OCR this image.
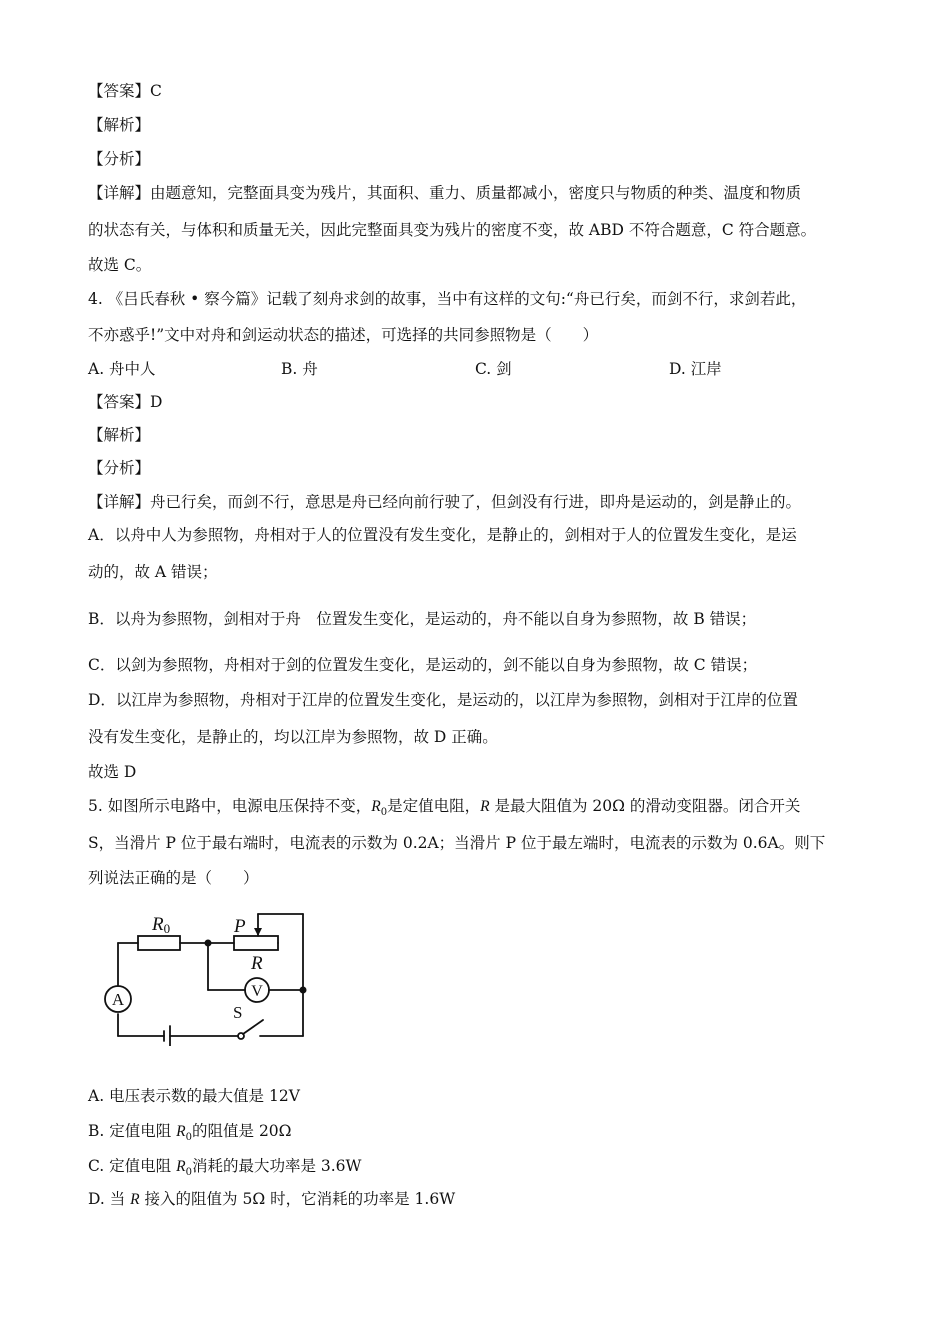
【答案】C
【解析】
【分析】
【详解】由题意知，完整面具变为残片，其面积、重力、质量都减小，密度只与物质的种类、温度和物质
的状态有关，与体积和质量无关，因此完整面具变为残片的密度不变，故 ABD 不符合题意，C 符合题意。
故选 C。
4. 《吕氏春秋 • 察今篇》记载了刻舟求剑的故事，当中有这样的文句:“舟已行矣，而剑不行，求剑若此，
不亦惑乎!”文中对舟和剑运动状态的描述，可选择的共同参照物是（　　）
A. 舟中人	B. 舟	C. 剑	D. 江岸
【答案】D
【解析】
【分析】
【详解】舟已行矣，而剑不行，意思是舟已经向前行驶了，但剑没有行进，即舟是运动的，剑是静止的。
A．以舟中人为参照物，舟相对于人的位置没有发生变化，是静止的，剑相对于人的位置发生变化，是运
动的，故 A 错误；
B．以舟为参照物，剑相对于舟　位置发生变化，是运动的，舟不能以自身为参照物，故 B 错误；
C．以剑为参照物，舟相对于剑的位置发生变化，是运动的，剑不能以自身为参照物，故 C 错误；
D．以江岸为参照物，舟相对于江岸的位置发生变化，是运动的，以江岸为参照物，剑相对于江岸的位置
没有发生变化，是静止的，均以江岸为参照物，故 D 正确。
故选 D
5. 如图所示电路中，电源电压保持不变，$R_0$是定值电阻，R 是最大阻值为 20Ω 的滑动变阻器。闭合开关
S，当滑片 P 位于最右端时，电流表的示数为 0.2A；当滑片 P 位于最左端时，电流表的示数为 0.6A。则下
列说法正确的是（　　）
R0	P
R
A	V
S
A. 电压表示数的最大值是 12V
B. 定值电阻 $R_0$的阻值是 20Ω
C. 定值电阻 $R_0$消耗的最大功率是 3.6W
D. 当 R 接入的阻值为 5Ω 时，它消耗的功率是 1.6W
